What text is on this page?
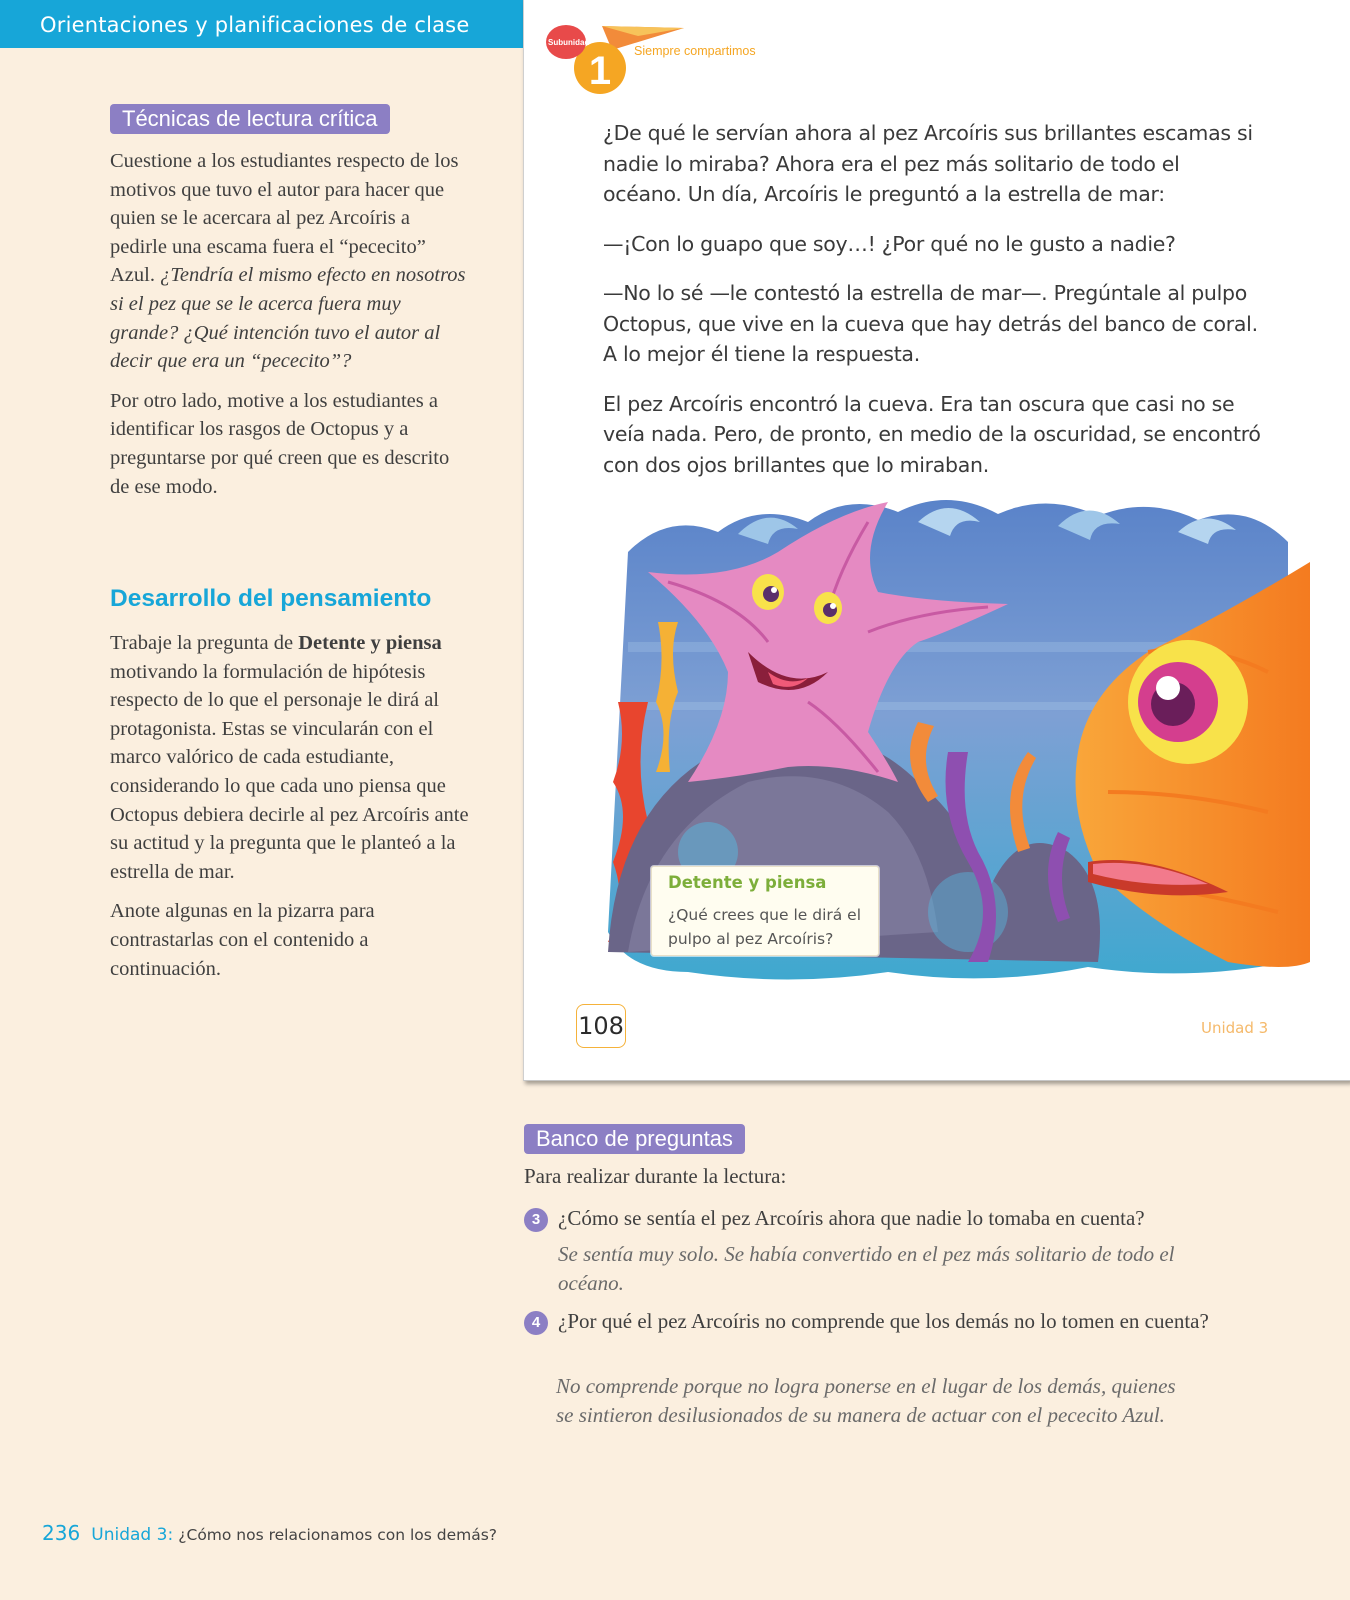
Orientaciones y planificaciones de clase
Técnicas de lectura crítica

Cuestione a los estudiantes respecto de los motivos que tuvo el autor para hacer que quien se le acercara al pez Arcoíris a pedirle una escama fuera el “pececito” Azul. ¿Tendría el mismo efecto en nosotros si el pez que se le acerca fuera muy grande? ¿Qué intención tuvo el autor al decir que era un “pececito”?

Por otro lado, motive a los estudiantes a identificar los rasgos de Octopus y a preguntarse por qué creen que es descrito de ese modo.

Desarrollo del pensamiento

Trabaje la pregunta de Detente y piensa motivando la formulación de hipótesis respecto de lo que el personaje le dirá al protagonista. Estas se vincularán con el marco valórico de cada estudiante, considerando lo que cada uno piensa que Octopus debiera decirle al pez Arcoíris ante su actitud y la pregunta que le planteó a la estrella de mar.

Anote algunas en la pizarra para contrastarlas con el contenido a continuación.

Subunidad
1 Siempre compartimos

¿De qué le servían ahora al pez Arcoíris sus brillantes escamas si nadie lo miraba? Ahora era el pez más solitario de todo el océano. Un día, Arcoíris le preguntó a la estrella de mar:

—¡Con lo guapo que soy…! ¿Por qué no le gusto a nadie?

—No lo sé —le contestó la estrella de mar—. Pregúntale al pulpo Octopus, que vive en la cueva que hay detrás del banco de coral. A lo mejor él tiene la respuesta.

El pez Arcoíris encontró la cueva. Era tan oscura que casi no se veía nada. Pero, de pronto, en medio de la oscuridad, se encontró con dos ojos brillantes que lo miraban.

Detente y piensa
¿Qué crees que le dirá el pulpo al pez Arcoíris?
108	Unidad 3
Banco de preguntas
Para realizar durante la lectura:
3 ¿Cómo se sentía el pez Arcoíris ahora que nadie lo tomaba en cuenta?
Se sentía muy solo. Se había convertido en el pez más solitario de todo el océano.
4 ¿Por qué el pez Arcoíris no comprende que los demás no lo tomen en cuenta?
No comprende porque no logra ponerse en el lugar de los demás, quienes se sintieron desilusionados de su manera de actuar con el pececito Azul.
236 Unidad 3: ¿Cómo nos relacionamos con los demás?
